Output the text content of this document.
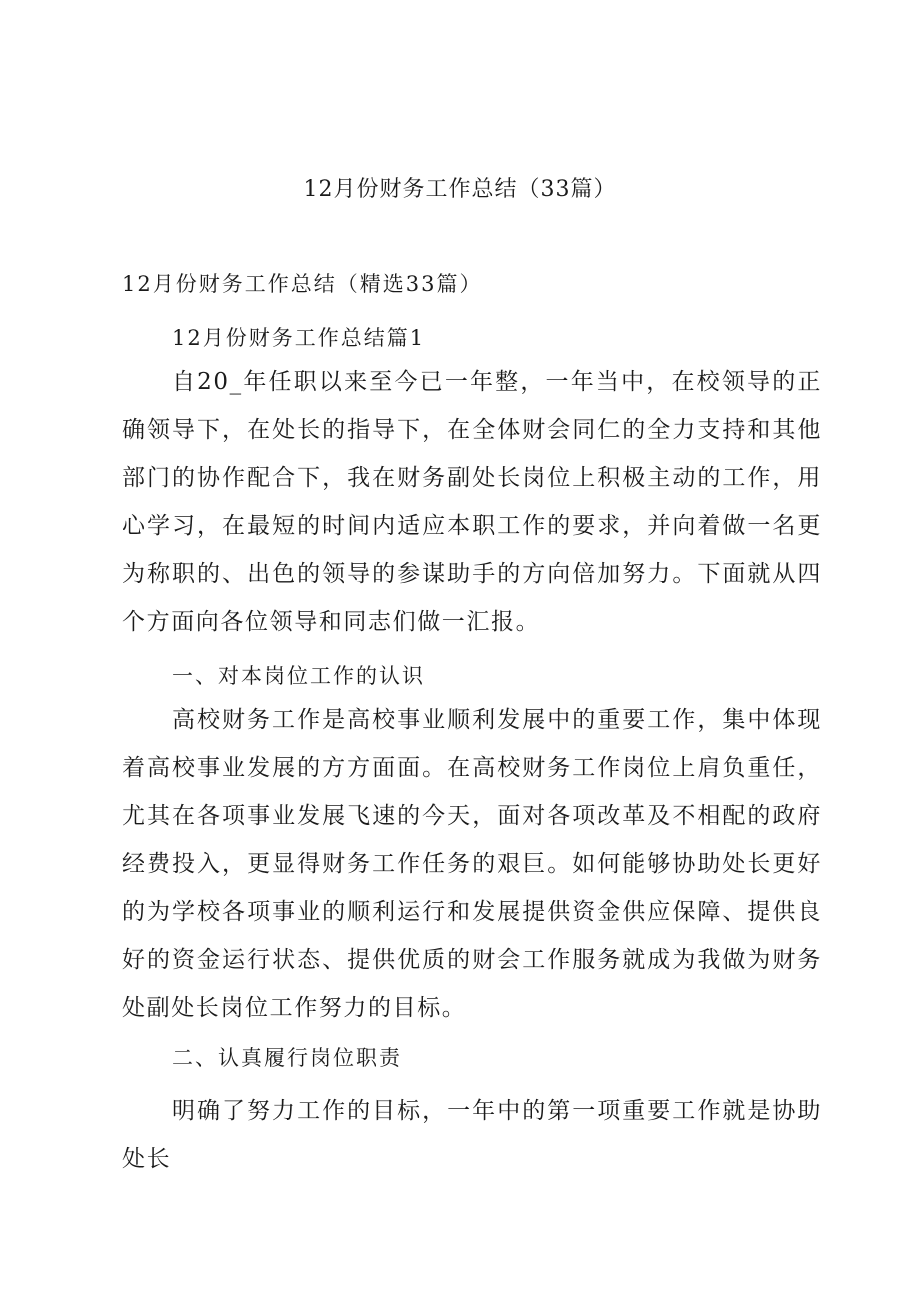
12月份财务工作总结（33篇）

12月份财务工作总结（精选33篇）

12月份财务工作总结篇1

自20_年任职以来至今已一年整，一年当中，在校领导的正确领导下，在处长的指导下，在全体财会同仁的全力支持和其他部门的协作配合下，我在财务副处长岗位上积极主动的工作，用心学习，在最短的时间内适应本职工作的要求，并向着做一名更为称职的、出色的领导的参谋助手的方向倍加努力。下面就从四个方面向各位领导和同志们做一汇报。

一、对本岗位工作的认识

高校财务工作是高校事业顺利发展中的重要工作，集中体现着高校事业发展的方方面面。在高校财务工作岗位上肩负重任，尤其在各项事业发展飞速的今天，面对各项改革及不相配的政府经费投入，更显得财务工作任务的艰巨。如何能够协助处长更好的为学校各项事业的顺利运行和发展提供资金供应保障、提供良好的资金运行状态、提供优质的财会工作服务就成为我做为财务处副处长岗位工作努力的目标。

二、认真履行岗位职责

明确了努力工作的目标，一年中的第一项重要工作就是协助处长
